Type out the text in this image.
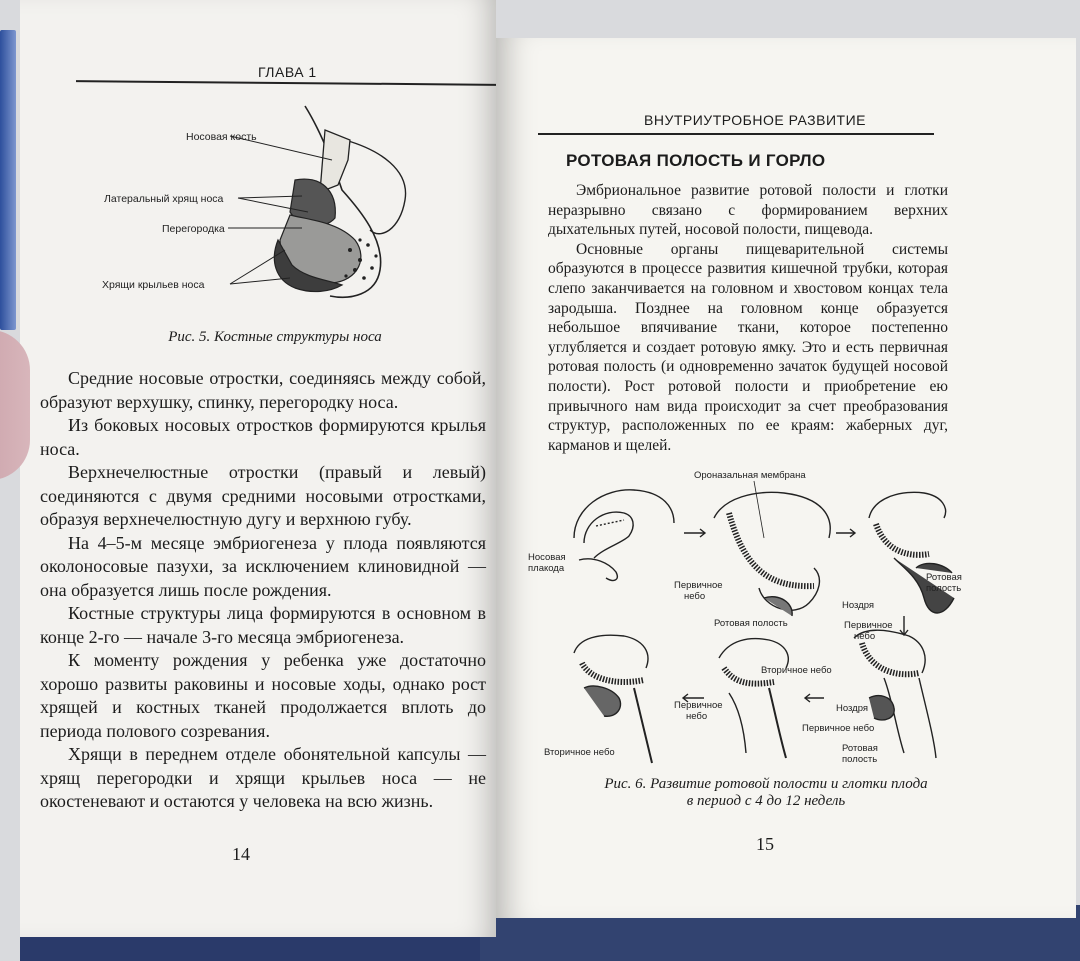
ГЛАВА 1
Носовая кость
Латеральный хрящ носа
Перегородка
Хрящи крыльев носа
Рис. 5. Костные структуры носа

Средние носовые отростки, соединяясь между собой, образуют верхушку, спинку, перегородку носа.

Из боковых носовых отростков формируются крылья носа.

Верхнечелюстные отростки (правый и левый) соединяются с двумя средними носовыми отростками, образуя верхнечелюстную дугу и верхнюю губу.

На 4–5-м месяце эмбриогенеза у плода появляются околоносовые пазухи, за исключением клиновидной — она образуется лишь после рождения.

Костные структуры лица формируются в основном в конце 2-го — начале 3-го месяца эмбриогенеза.

К моменту рождения у ребенка уже достаточно хорошо развиты раковины и носовые ходы, однако рост хрящей и костных тканей продолжается вплоть до периода полового созревания.

Хрящи в переднем отделе обонятельной капсулы — хрящ перегородки и хрящи крыльев носа — не окостеневают и остаются у человека на всю жизнь.

14
ВНУТРИУТРОБНОЕ РАЗВИТИЕ
РОТОВАЯ ПОЛОСТЬ И ГОРЛО

Эмбриональное развитие ротовой полости и глотки неразрывно связано с формированием верхних дыхательных путей, носовой полости, пищевода.

Основные органы пищеварительной системы образуются в процессе развития кишечной трубки, которая слепо заканчивается на головном и хвостовом концах тела зародыша. Позднее на головном конце образуется небольшое впячивание ткани, которое постепенно углубляется и создает ротовую ямку. Это и есть первичная ротовая полость (и одновременно зачаток будущей носовой полости). Рост ротовой полости и приобретение ею привычного нам вида происходит за счет преобразования структур, расположенных по ее краям: жаберных дуг, карманов и щелей.

Ороназальная мембрана
Носовая
плакода
Первичное
небо
Ротовая полость
Ротовая
полость
Ноздря
Первичное
небо
Вторичное небо
Первичное
небо
Ноздря
Первичное небо
Ротовая
полость
Вторичное небо
Рис. 6. Развитие ротовой полости и глотки плода
в период с 4 до 12 недель
15
